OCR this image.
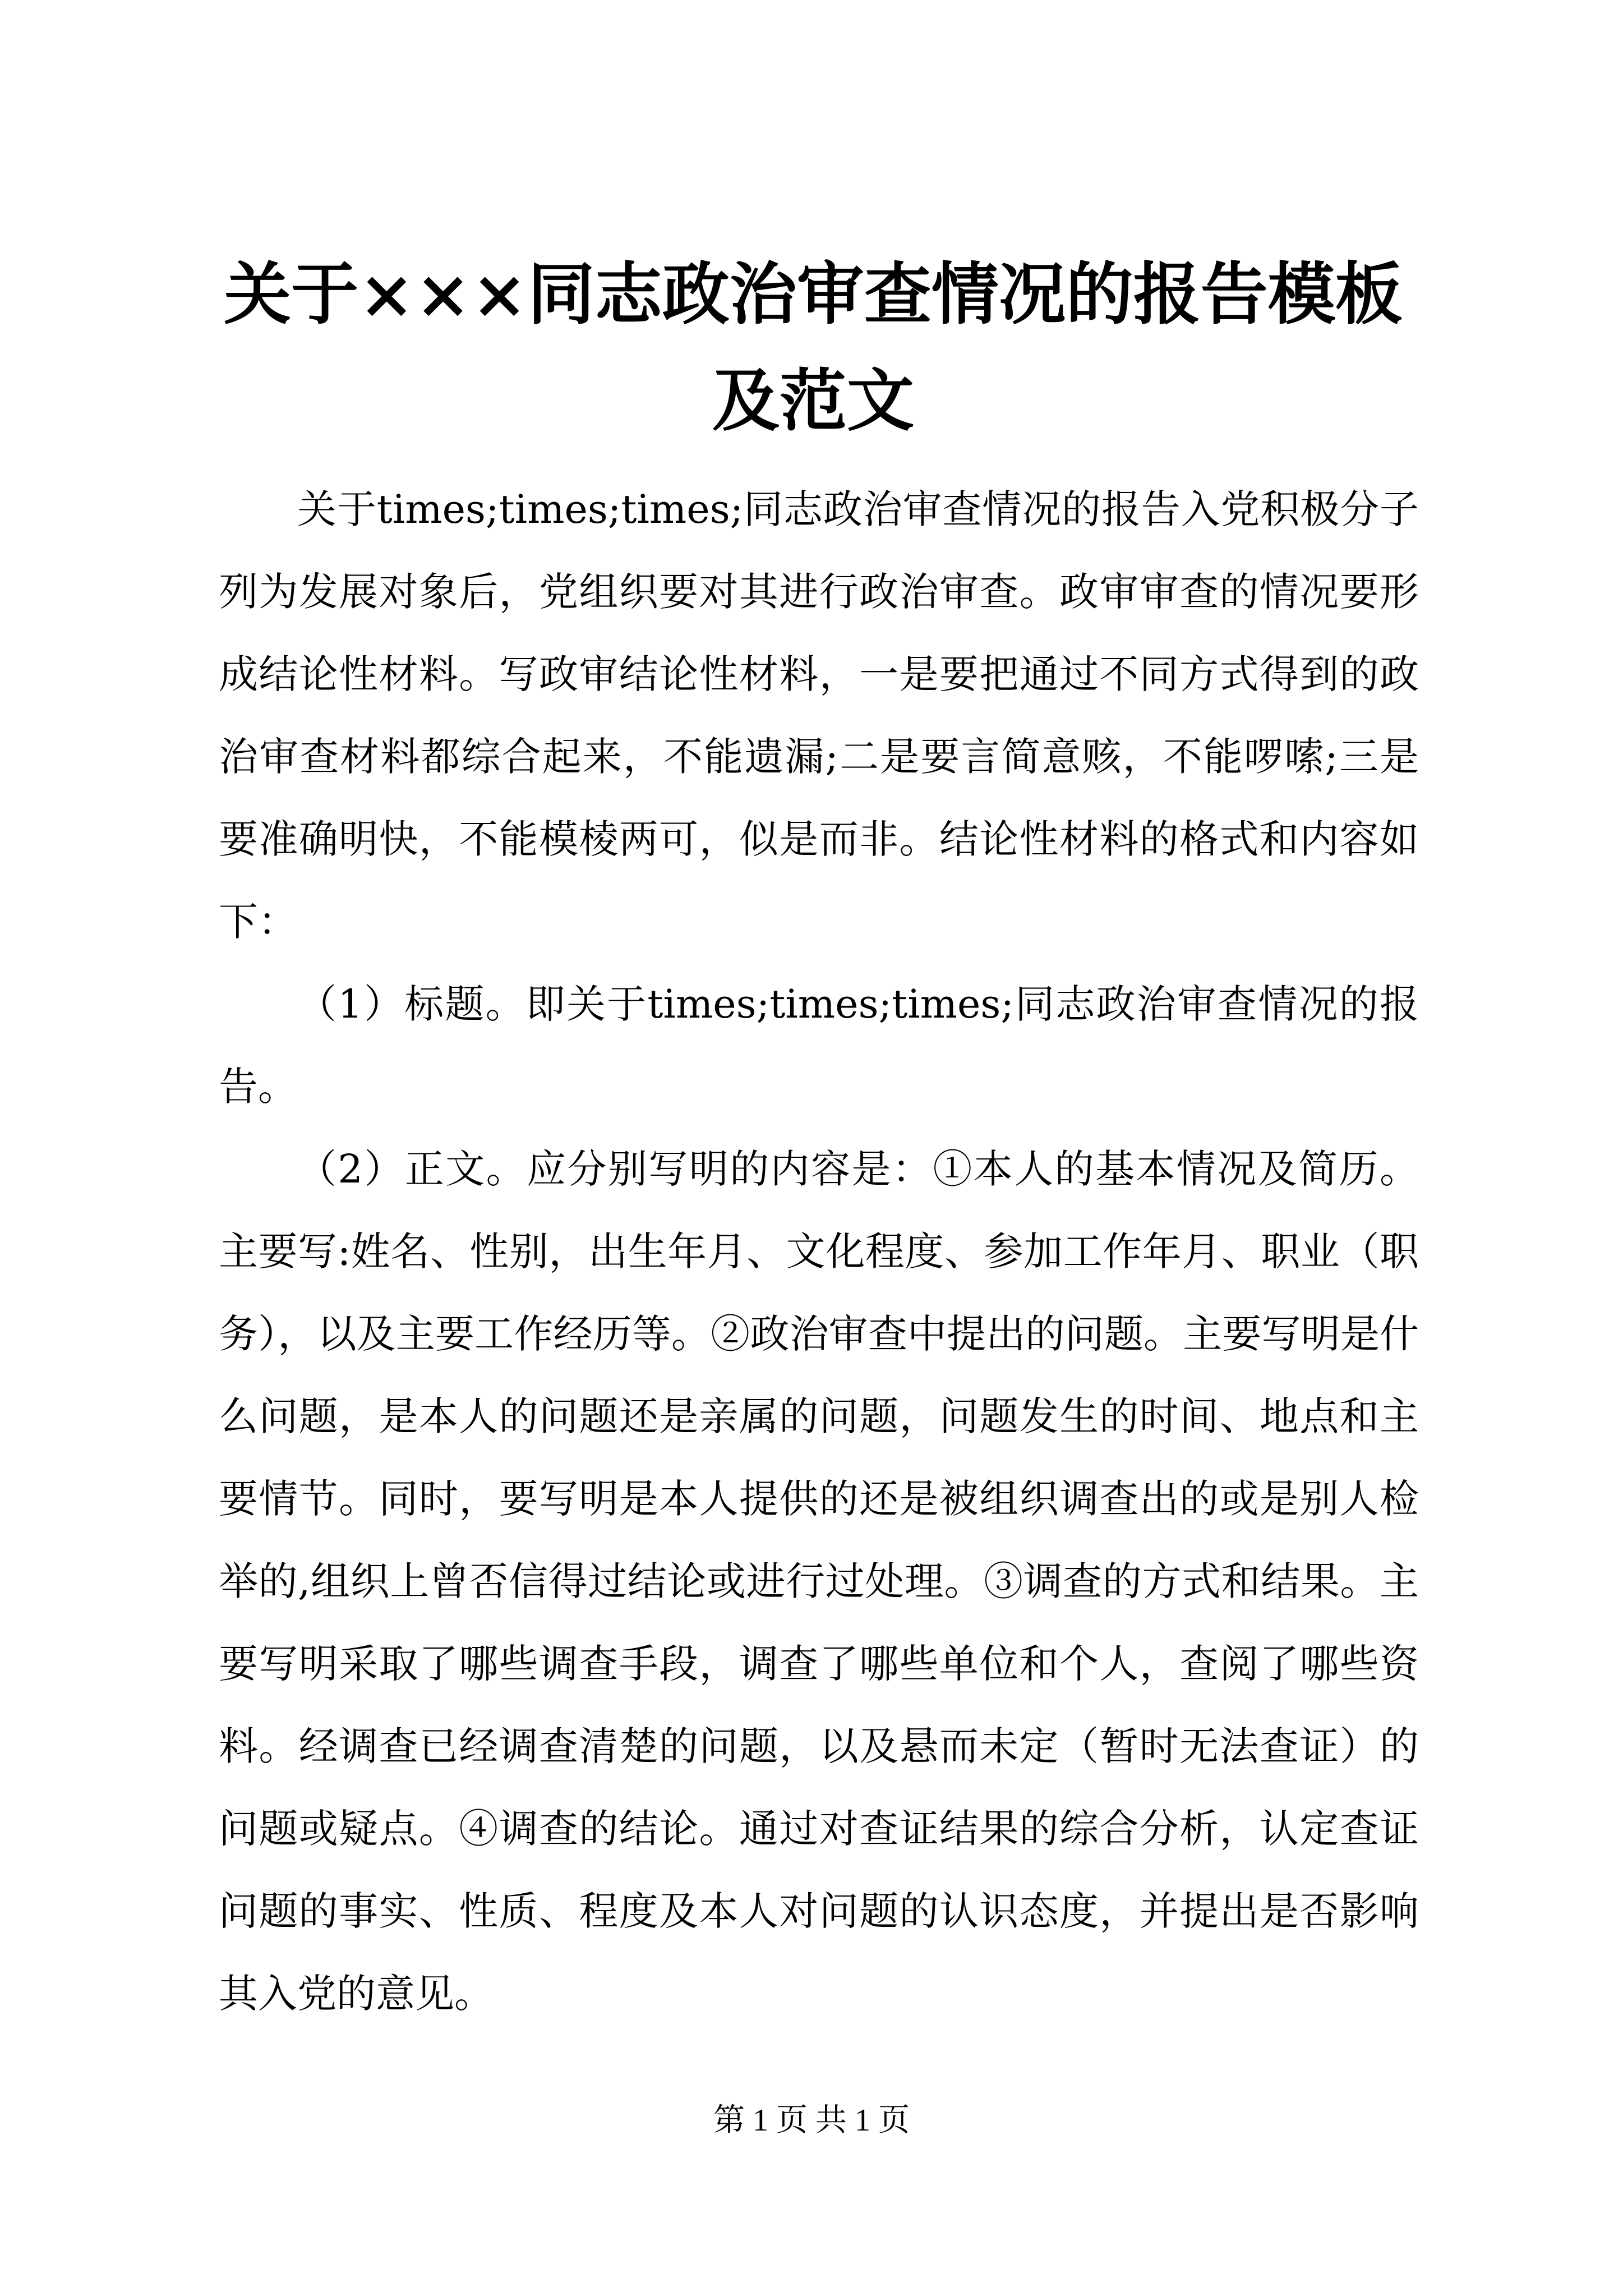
关于×××同志政治审查情况的报告模板及范文

关于times;times;times;同志政治审查情况的报告入党积极分子列为发展对象后，党组织要对其进行政治审查。政审审查的情况要形成结论性材料。写政审结论性材料，一是要把通过不同方式得到的政治审查材料都综合起来，不能遗漏;二是要言简意赅，不能啰嗦;三是要准确明快，不能模棱两可，似是而非。结论性材料的格式和内容如下：

（1）标题。即关于times;times;times;同志政治审查情况的报告。

（2）正文。应分别写明的内容是：①本人的基本情况及简历。主要写:姓名、性别，出生年月、文化程度、参加工作年月、职业（职务），以及主要工作经历等。②政治审查中提出的问题。主要写明是什么问题，是本人的问题还是亲属的问题，问题发生的时间、地点和主要情节。同时，要写明是本人提供的还是被组织调查出的或是别人检举的,组织上曾否信得过结论或进行过处理。③调查的方式和结果。主要写明采取了哪些调查手段，调查了哪些单位和个人，查阅了哪些资料。经调查已经调查清楚的问题，以及悬而未定（暂时无法查证）的问题或疑点。④调查的结论。通过对查证结果的综合分析，认定查证问题的事实、性质、程度及本人对问题的认识态度，并提出是否影响其入党的意见。

第 1 页 共 1 页
